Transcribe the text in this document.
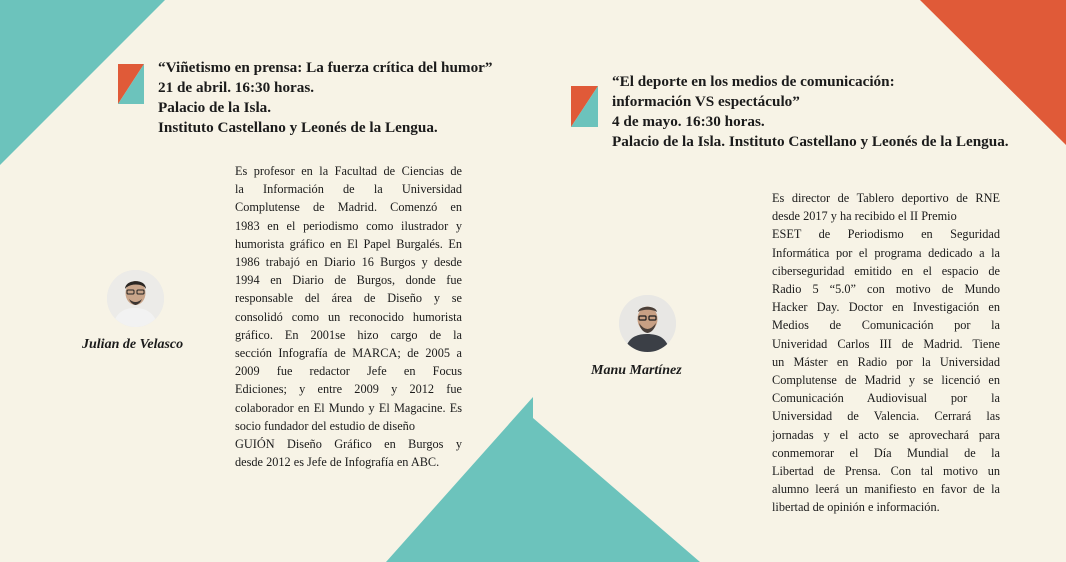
“Viñetismo en prensa: La fuerza crítica del humor”
21 de abril. 16:30 horas.
Palacio de la Isla.
Instituto Castellano y Leonés de la Lengua.
Julian de Velasco
Es profesor en la Facultad de Ciencias de
la Información de la Universidad
Complutense de Madrid. Comenzó en
1983 en el periodismo como ilustrador y
humorista gráfico en El Papel Burgalés. En
1986 trabajó en Diario 16 Burgos y desde
1994 en Diario de Burgos, donde fue
responsable del área de Diseño y se
consolidó como un reconocido humorista
gráfico. En 2001se hizo cargo de la
sección Infografía de MARCA; de 2005 a
2009 fue redactor Jefe en Focus
Ediciones; y entre 2009 y 2012 fue
colaborador en El Mundo y El Magacine. Es
socio fundador del estudio de diseño
GUIÓN Diseño Gráfico en Burgos y
desde 2012 es Jefe de Infografía en ABC.
“El deporte en los medios de comunicación:
información VS espectáculo”
4 de mayo. 16:30 horas.
Palacio de la Isla. Instituto Castellano y Leonés de la Lengua.
Manu Martínez
Es director de Tablero deportivo de RNE
desde 2017 y ha recibido el II Premio
ESET de Periodismo en Seguridad
Informática por el programa dedicado a la
ciberseguridad emitido en el espacio de
Radio 5 “5.0” con motivo de Mundo
Hacker Day. Doctor en Investigación en
Medios de Comunicación por la
Univeridad Carlos III de Madrid. Tiene
un Máster en Radio por la Universidad
Complutense de Madrid y se licenció en
Comunicación Audiovisual por la
Universidad de Valencia. Cerrará las
jornadas y el acto se aprovechará para
conmemorar el Día Mundial de la
Libertad de Prensa. Con tal motivo un
alumno leerá un manifiesto en favor de la
libertad de opinión e información.
